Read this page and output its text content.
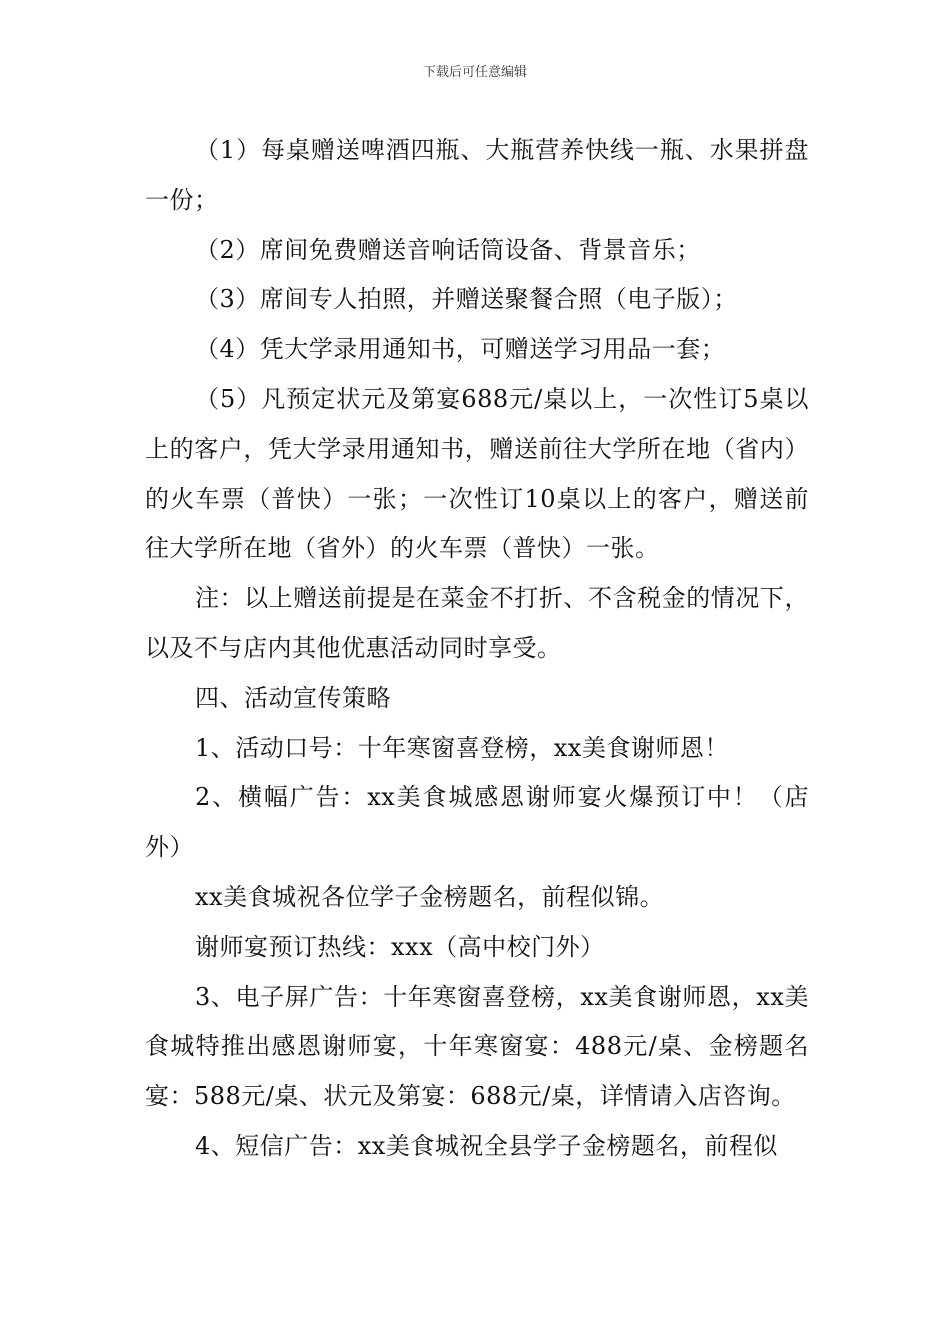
下载后可任意编辑

（1）每桌赠送啤酒四瓶、大瓶营养快线一瓶、水果拼盘一份；

（2）席间免费赠送音响话筒设备、背景音乐；

（3）席间专人拍照，并赠送聚餐合照（电子版）；

（4）凭大学录用通知书，可赠送学习用品一套；

（5）凡预定状元及第宴688元/桌以上，一次性订5桌以上的客户，凭大学录用通知书，赠送前往大学所在地（省内）的火车票（普快）一张；一次性订10桌以上的客户，赠送前往大学所在地（省外）的火车票（普快）一张。

注：以上赠送前提是在菜金不打折、不含税金的情况下，以及不与店内其他优惠活动同时享受。

四、活动宣传策略

1、活动口号：十年寒窗喜登榜，xx美食谢师恩！

2、横幅广告：xx美食城感恩谢师宴火爆预订中！（店外）

xx美食城祝各位学子金榜题名，前程似锦。

谢师宴预订热线：xxx（高中校门外）

3、电子屏广告：十年寒窗喜登榜，xx美食谢师恩，xx美食城特推出感恩谢师宴，十年寒窗宴：488元/桌、金榜题名宴：588元/桌、状元及第宴：688元/桌，详情请入店咨询。

4、短信广告：xx美食城祝全县学子金榜题名，前程似
